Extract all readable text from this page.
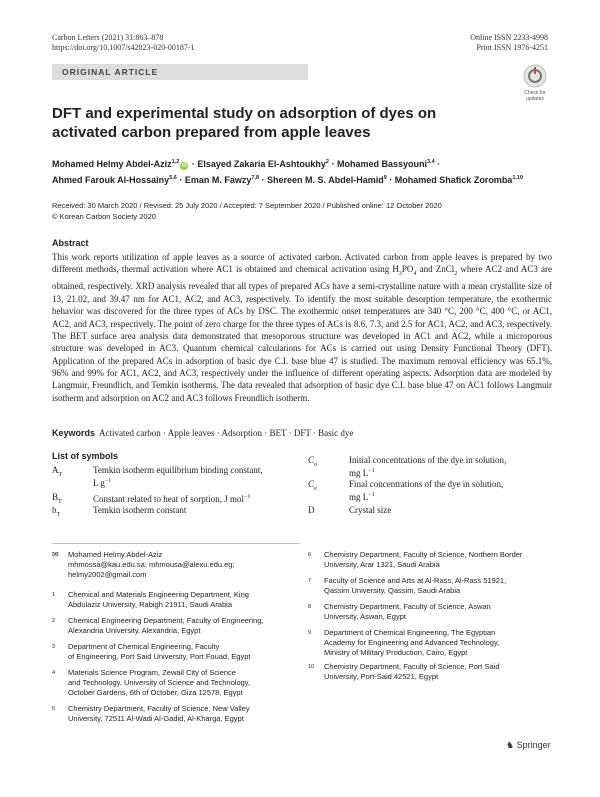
Carbon Letters (2021) 31:863–878
https://doi.org/10.1007/s42823-020-00187-1
Online ISSN 2233-4998
Print ISSN 1976-4251
ORIGINAL ARTICLE
Check for
updates
DFT and experimental study on adsorption of dyes on activated carbon prepared from apple leaves
Mohamed Helmy Abdel-Aziz$^{1,2}$iD · Elsayed Zakaria El-Ashtoukhy$^2$ · Mohamed Bassyouni$^{3,4}$ ·
Ahmed Farouk Al-Hossainy$^{5,6}$ · Eman M. Fawzy$^{7,8}$ · Shereen M. S. Abdel-Hamid$^9$ · Mohamed Shafick Zoromba$^{1,10}$
Received: 30 March 2020 / Revised: 25 July 2020 / Accepted: 7 September 2020 / Published online: 12 October 2020
© Korean Carbon Society 2020
Abstract
This work reports utilization of apple leaves as a source of activated carbon. Activated carbon from apple leaves is prepared by two different methods, thermal activation where AC1 is obtained and chemical activation using $H_3PO_4$ and ZnCl$_2$ where AC2 and AC3 are obtained, respectively. XRD analysis revealed that all types of prepared ACs have a semi-crystalline nature with a mean crystallite size of 13, 21.02, and 39.47 nm for AC1, AC2, and AC3, respectively. To identify the most suitable desorption temperature, the exothermic behavior was discovered for the three types of ACs by DSC. The exothermic onset temperatures are 340 °C, 200 °C, 400 °C, or AC1, AC2, and AC3, respectively. The point of zero charge for the three types of ACs is 8.6, 7.3, and 2.5 for AC1, AC2, and AC3, respectively. The BET surface area analysis data demonstrated that mesoporous structure was developed in AC1 and AC2, while a microporous structure was developed in AC3. Quantum chemical calculations for ACs is carried out using Density Functional Theory (DFT). Application of the prepared ACs in adsorption of basic dye C.I. base blue 47 is studied. The maximum removal efficiency was 65.1%, 96% and 99% for AC1, AC2, and AC3, respectively under the influence of different operating aspects. Adsorption data are modeled by Langmuir, Freundlich, and Temkin isotherms. The data revealed that adsorption of basic dye C.I. base blue 47 on AC1 follows Langmuir isotherm and adsorption on AC2 and AC3 follows Freundlich isotherm.
Keywords Activated carbon · Apple leaves · Adsorption · BET · DFT · Basic dye
List of symbols
$A_T$	Temkin isotherm equilibrium binding constant,
L $g^{-1}$
$B_T$	Constant related to heat of sorption, J mol$^{-1}$
$b_T$	Temkin isotherm constant
$C_o$	Initial concentrations of the dye in solution,
mg $L^{-1}$
$C_e$	Final concentrations of the dye in solution,
mg $L^{-1}$
D	Crystal size
✉ Mohamed Helmy Abdel-Aziz
mhmossa@kau.edu.sa; mhmousa@alexu.edu.eg;
helmy2002@gmail.com
1 Chemical and Materials Engineering Department, King
Abdulaziz University, Rabigh 21911, Saudi Arabia
2 Chemical Engineering Department, Faculty of Engineering,
Alexandria University, Alexandria, Egypt
3 Department of Chemical Engineering, Faculty
of Engineering, Port Said University, Port Fouad, Egypt
4 Materials Science Program, Zewail City of Science
and Technology, University of Science and Technology,
October Gardens, 6th of October, Giza 12578, Egypt
5 Chemistry Department, Faculty of Science, New Valley
University, 72511 Al-Wadi Al-Gadid, Al-Kharga, Egypt
6 Chemistry Department, Faculty of Science, Northern Border
University, Arar 1321, Saudi Arabia
7 Faculty of Science and Arts at Al-Rass, Al-Rass 51921,
Qassim University, Qassim, Saudi Arabia
8 Chemistry Department, Faculty of Science, Aswan
University, Aswan, Egypt
9 Department of Chemical Engineering, The Egyptian
Academy for Engineering and Advanced Technology,
Ministry of Military Production, Cairo, Egypt
10 Chemistry Department, Faculty of Science, Port Said
University, Port-Said 42521, Egypt
♞ Springer
